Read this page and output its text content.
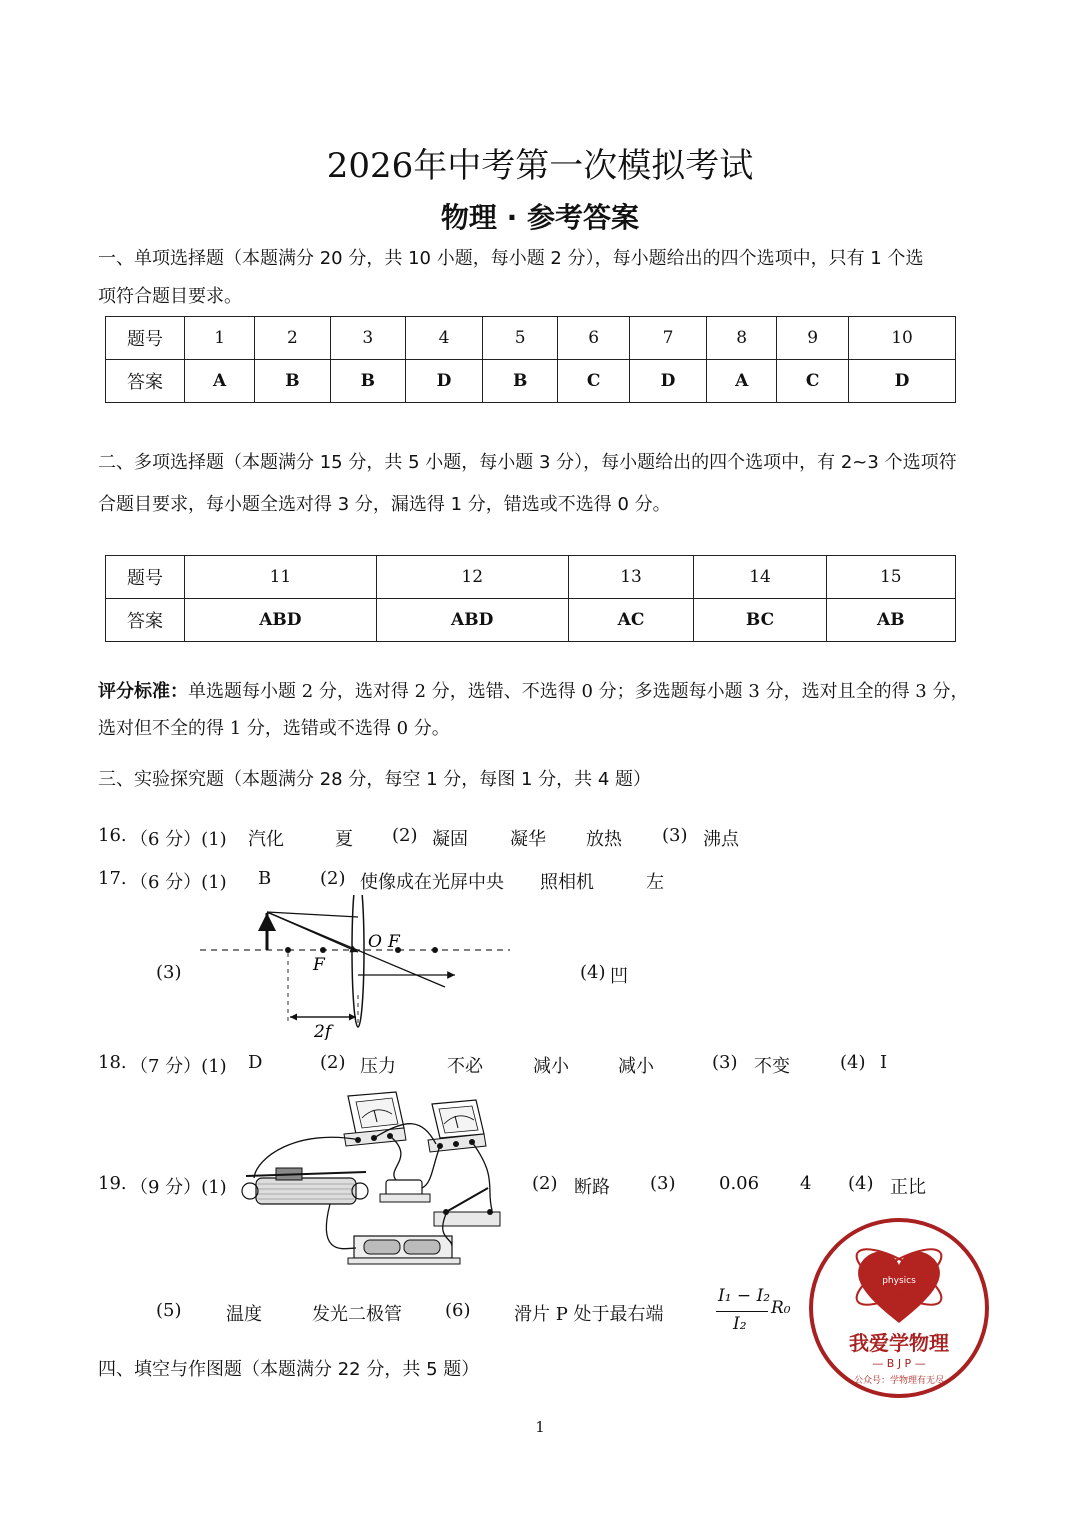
2026年中考第一次模拟考试
物理 · 参考答案
一、单项选择题（本题满分 20 分，共 10 小题，每小题 2 分），每小题给出的四个选项中，只有 1 个选
项符合题目要求。
题号	1	2	3	4	5	6	7	8	9	10
答案	A	B	B	D	B	C	D	A	C	D
二、多项选择题（本题满分 15 分，共 5 小题，每小题 3 分），每小题给出的四个选项中，有 2~3 个选项符
合题目要求，每小题全选对得 3 分，漏选得 1 分，错选或不选得 0 分。
题号	11	12	13	14	15
答案	ABD	ABD	AC	BC	AB
评分标准：单选题每小题 2 分，选对得 2 分，选错、不选得 0 分；多选题每小题 3 分，选对且全的得 3 分，
选对但不全的得 1 分，选错或不选得 0 分。
三、实验探究题（本题满分 28 分，每空 1 分，每图 1 分，共 4 题）
16. （6 分）(1) 汽化	夏 (2) 凝固 凝华 放热 (3) 沸点
17. （6 分）(1) B	(2) 使像成在光屏中央 照相机	左
(3)	(4) 凹
O F
F
2f
18. （7 分）(1) D	(2) 压力	不必	减小	减小	(3) 不变	(4) I
19. （9 分）(1)	(2) 断路 (3) 0.06 4 (4) 正比
(5) 温度	发光二极管 (6) 滑片 P 处于最右端
I₁ − I₂
I₂
R₀
四、填空与作图题（本题满分 22 分，共 5 题）
physics
我爱学物理
— B J P —
公众号：学物理有无尽
1
